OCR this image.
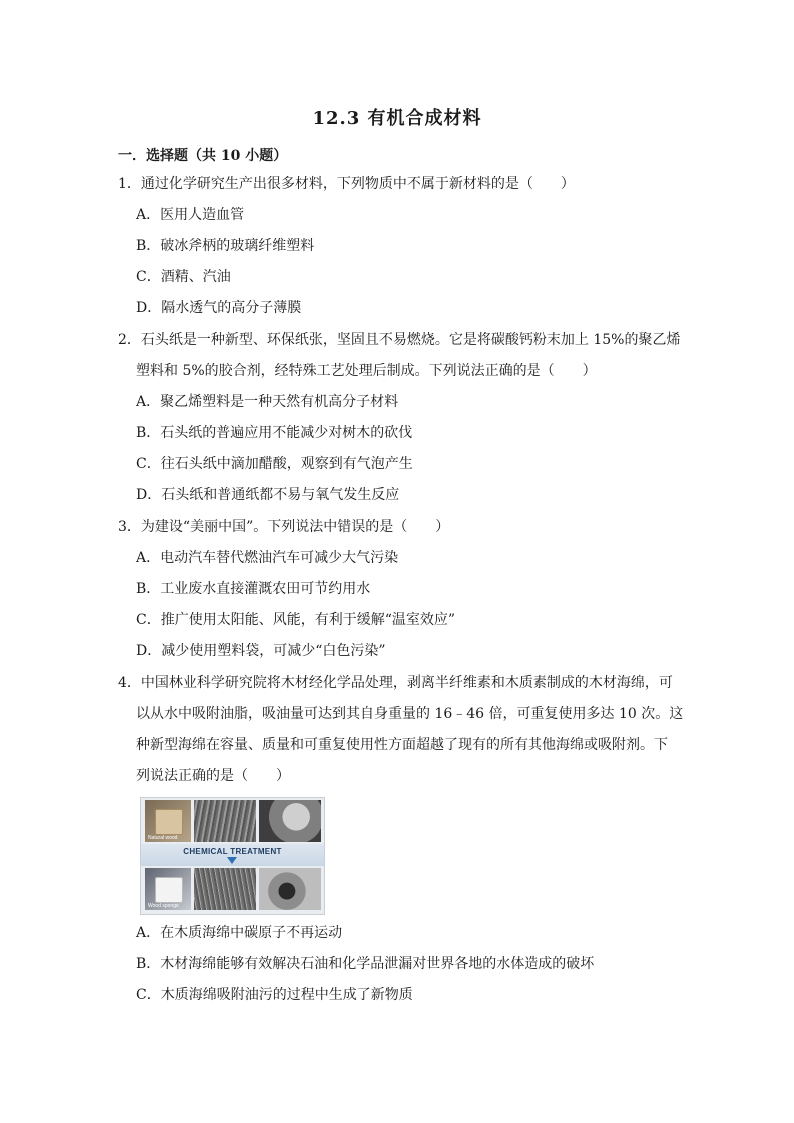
12.3 有机合成材料
一．选择题（共 10 小题）
1．通过化学研究生产出很多材料，下列物质中不属于新材料的是（　　）
A．医用人造血管
B．破冰斧柄的玻璃纤维塑料
C．酒精、汽油
D．隔水透气的高分子薄膜
2．石头纸是一种新型、环保纸张，坚固且不易燃烧。它是将碳酸钙粉末加上 15%的聚乙烯
塑料和 5%的胶合剂，经特殊工艺处理后制成。下列说法正确的是（　　）
A．聚乙烯塑料是一种天然有机高分子材料
B．石头纸的普遍应用不能减少对树木的砍伐
C．往石头纸中滴加醋酸，观察到有气泡产生
D．石头纸和普通纸都不易与氧气发生反应
3．为建设“美丽中国”。下列说法中错误的是（　　）
A．电动汽车替代燃油汽车可减少大气污染
B．工业废水直接灌溉农田可节约用水
C．推广使用太阳能、风能，有利于缓解“温室效应”
D．减少使用塑料袋，可减少“白色污染”
4．中国林业科学研究院将木材经化学品处理，剥离半纤维素和木质素制成的木材海绵，可
以从水中吸附油脂，吸油量可达到其自身重量的 16﹣46 倍，可重复使用多达 10 次。这
种新型海绵在容量、质量和可重复使用性方面超越了现有的所有其他海绵或吸附剂。下
列说法正确的是（　　）
Natural wood
CHEMICAL TREATMENT
Wood sponge
A．在木质海绵中碳原子不再运动
B．木材海绵能够有效解决石油和化学品泄漏对世界各地的水体造成的破坏
C．木质海绵吸附油污的过程中生成了新物质
